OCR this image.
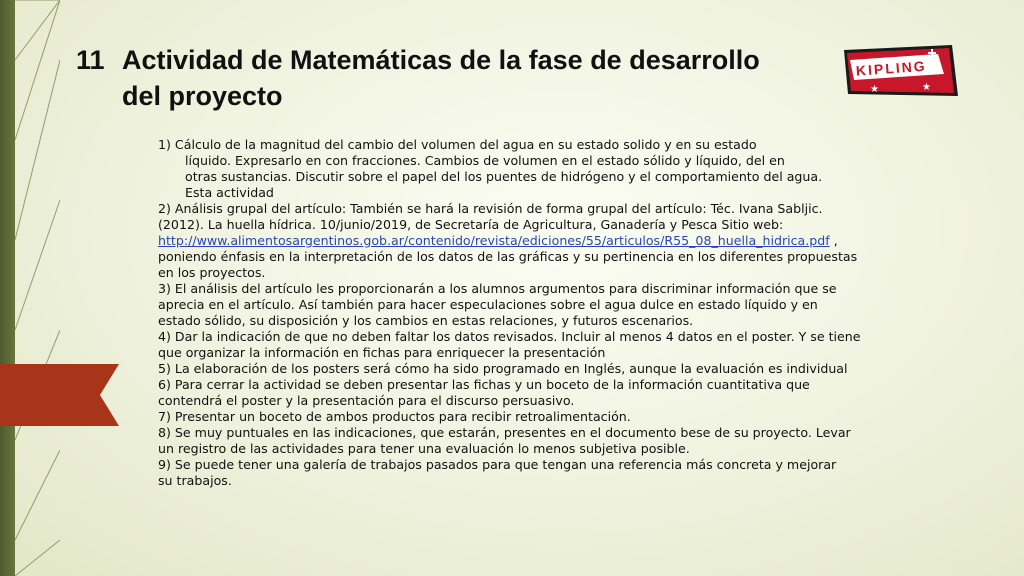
11 Actividad de Matemáticas de la fase de desarrollo
del proyecto
KIPLING
★	★

1) Cálculo de la magnitud del cambio del volumen del agua en su estado solido y en su estado
líquido. Expresarlo en con fracciones. Cambios de volumen en el estado sólido y líquido, del en
otras sustancias. Discutir sobre el papel del los puentes de hidrógeno y el comportamiento del agua.
Esta actividad

2) Análisis grupal del artículo: También se hará la revisión de forma grupal del artículo: Téc. Ivana Sabljic.
(2012). La huella hídrica. 10/junio/2019, de Secretaría de Agricultura, Ganadería y Pesca Sitio web:
http://www.alimentosargentinos.gob.ar/contenido/revista/ediciones/55/articulos/R55_08_huella_hidrica.pdf ,
poniendo énfasis en la interpretación de los datos de las gráficas y su pertinencia en los diferentes propuestas
en los proyectos.

3) El análisis del artículo les proporcionarán a los alumnos argumentos para discriminar información que se
aprecia en el artículo. Así también para hacer especulaciones sobre el agua dulce en estado líquido y en
estado sólido, su disposición y los cambios en estas relaciones, y futuros escenarios.

4) Dar la indicación de que no deben faltar los datos revisados. Incluir al menos 4 datos en el poster. Y se tiene
que organizar la información en fichas para enriquecer la presentación

5) La elaboración de los posters será cómo ha sido programado en Inglés, aunque la evaluación es individual

6) Para cerrar la actividad se deben presentar las fichas y un boceto de la información cuantitativa que
contendrá el poster y la presentación para el discurso persuasivo.

7) Presentar un boceto de ambos productos para recibir retroalimentación.

8) Se muy puntuales en las indicaciones, que estarán, presentes en el documento bese de su proyecto. Levar
un registro de las actividades para tener una evaluación lo menos subjetiva posible.

9) Se puede tener una galería de trabajos pasados para que tengan una referencia más concreta y mejorar
su trabajos.
